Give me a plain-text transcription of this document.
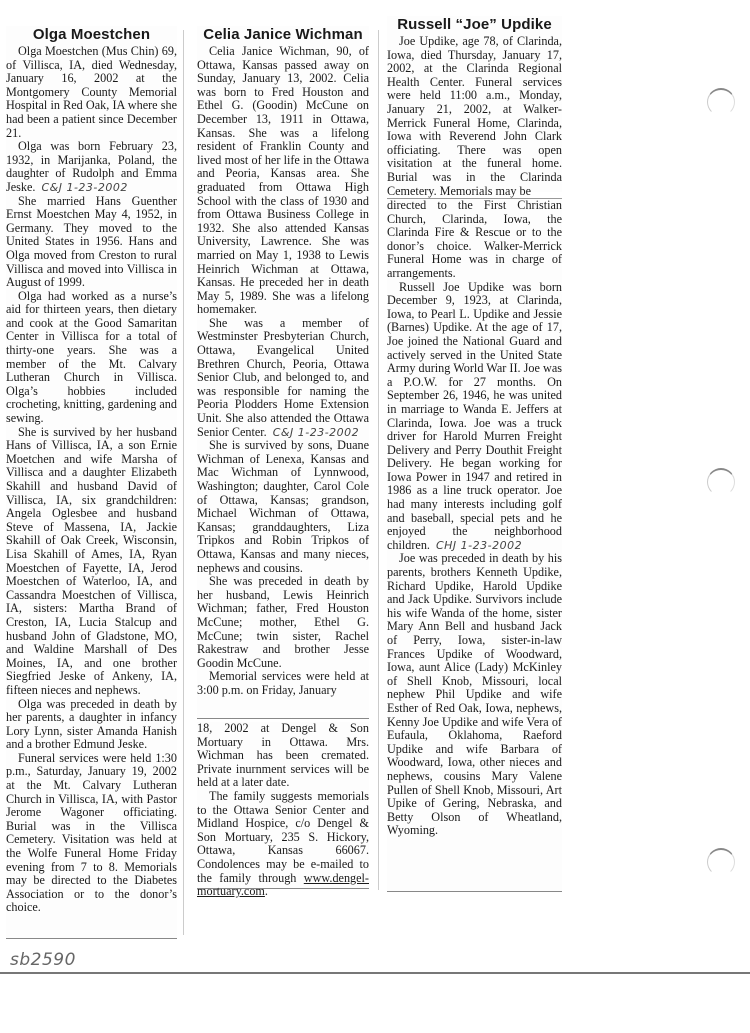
Olga Moestchen

Olga Moestchen (Mus Chin) 69, of Villisca, IA, died Wednesday, January 16, 2002 at the Montgomery County Memorial Hospital in Red Oak, IA where she had been a patient since December 21.

Olga was born February 23, 1932, in Marijanka, Poland, the daughter of Rudolph and Emma Jeske. C&J 1-23-2002

She married Hans Guenther Ernst Moestchen May 4, 1952, in Germany. They moved to the United States in 1956. Hans and Olga moved from Creston to rural Villisca and moved into Villisca in August of 1999.

Olga had worked as a nurse’s aid for thirteen years, then dietary and cook at the Good Samaritan Center in Villisca for a total of thirty-one years. She was a member of the Mt. Calvary Lutheran Church in Villisca. Olga’s hobbies included crocheting, knitting, gardening and sewing.

She is survived by her husband Hans of Villisca, IA, a son Ernie Moetchen and wife Marsha of Villisca and a daughter Elizabeth Skahill and husband David of Villisca, IA, six grandchildren: Angela Oglesbee and husband Steve of Massena, IA, Jackie Skahill of Oak Creek, Wisconsin, Lisa Skahill of Ames, IA, Ryan Moestchen of Fayette, IA, Jerod Moestchen of Waterloo, IA, and Cassandra Moestchen of Villisca, IA, sisters: Martha Brand of Creston, IA, Lucia Stalcup and husband John of Gladstone, MO, and Waldine Marshall of Des Moines, IA, and one brother Siegfried Jeske of Ankeny, IA, fifteen nieces and nephews.

Olga was preceded in death by her parents, a daughter in infancy Lory Lynn, sister Amanda Hanish and a brother Edmund Jeske.

Funeral services were held 1:30 p.m., Saturday, January 19, 2002 at the Mt. Calvary Lutheran Church in Villisca, IA, with Pastor Jerome Wagoner officiating. Burial was in the Villisca Cemetery. Visitation was held at the Wolfe Funeral Home Friday evening from 7 to 8. Memorials may be directed to the Diabetes Association or to the donor’s choice.

Celia Janice Wichman

Celia Janice Wichman, 90, of Ottawa, Kansas passed away on Sunday, January 13, 2002. Celia was born to Fred Houston and Ethel G. (Goodin) McCune on December 13, 1911 in Ottawa, Kansas. She was a lifelong resident of Franklin County and lived most of her life in the Ottawa and Peoria, Kansas area. She graduated from Ottawa High School with the class of 1930 and from Ottawa Business College in 1932. She also attended Kansas University, Lawrence. She was married on May 1, 1938 to Lewis Heinrich Wichman at Ottawa, Kansas. He preceded her in death May 5, 1989. She was a lifelong homemaker.

She was a member of Westminster Presbyterian Church, Ottawa, Evangelical United Brethren Church, Peoria, Ottawa Senior Club, and belonged to, and was responsible for naming the Peoria Plodders Home Extension Unit. She also attended the Ottawa Senior Center. C&J 1-23-2002

She is survived by sons, Duane Wichman of Lenexa, Kansas and Mac Wichman of Lynnwood, Washington; daughter, Carol Cole of Ottawa, Kansas; grandson, Michael Wichman of Ottawa, Kansas; granddaughters, Liza Tripkos and Robin Tripkos of Ottawa, Kansas and many nieces, nephews and cousins.

She was preceded in death by her husband, Lewis Heinrich Wichman; father, Fred Houston McCune; mother, Ethel G. McCune; twin sister, Rachel Rakestraw and brother Jesse Goodin McCune.

Memorial services were held at 3:00 p.m. on Friday, January

18, 2002 at Dengel & Son Mortuary in Ottawa. Mrs. Wichman has been cremated. Private inurnment services will be held at a later date.

The family suggests memorials to the Ottawa Senior Center and Midland Hospice, c/o Dengel & Son Mortuary, 235 S. Hickory, Ottawa, Kansas 66067. Condolences may be e-mailed to the family through www.dengel-mortuary.com.

Russell “Joe” Updike

Joe Updike, age 78, of Clarinda, Iowa, died Thursday, January 17, 2002, at the Clarinda Regional Health Center. Funeral services were held 11:00 a.m., Monday, January 21, 2002, at Walker-Merrick Funeral Home, Clarinda, Iowa with Reverend John Clark officiating. There was open visitation at the funeral home. Burial was in the Clarinda Cemetery. Memorials may be

directed to the First Christian Church, Clarinda, Iowa, the Clarinda Fire & Rescue or to the donor’s choice. Walker-Merrick Funeral Home was in charge of arrangements.

Russell Joe Updike was born December 9, 1923, at Clarinda, Iowa, to Pearl L. Updike and Jessie (Barnes) Updike. At the age of 17, Joe joined the National Guard and actively served in the United State Army during World War II. Joe was a P.O.W. for 27 months. On September 26, 1946, he was united in marriage to Wanda E. Jeffers at Clarinda, Iowa. Joe was a truck driver for Harold Murren Freight Delivery and Perry Douthit Freight Delivery. He began working for Iowa Power in 1947 and retired in 1986 as a line truck operator. Joe had many interests including golf and baseball, special pets and he enjoyed the neighborhood children. CHJ 1-23-2002

Joe was preceded in death by his parents, brothers Kenneth Updike, Richard Updike, Harold Updike and Jack Updike. Survivors include his wife Wanda of the home, sister Mary Ann Bell and husband Jack of Perry, Iowa, sister-in-law Frances Updike of Woodward, Iowa, aunt Alice (Lady) McKinley of Shell Knob, Missouri, local nephew Phil Updike and wife Esther of Red Oak, Iowa, nephews, Kenny Joe Updike and wife Vera of Eufaula, Oklahoma, Raeford Updike and wife Barbara of Woodward, Iowa, other nieces and nephews, cousins Mary Valene Pullen of Shell Knob, Missouri, Art Upike of Gering, Nebraska, and Betty Olson of Wheatland, Wyoming.

sb2590
